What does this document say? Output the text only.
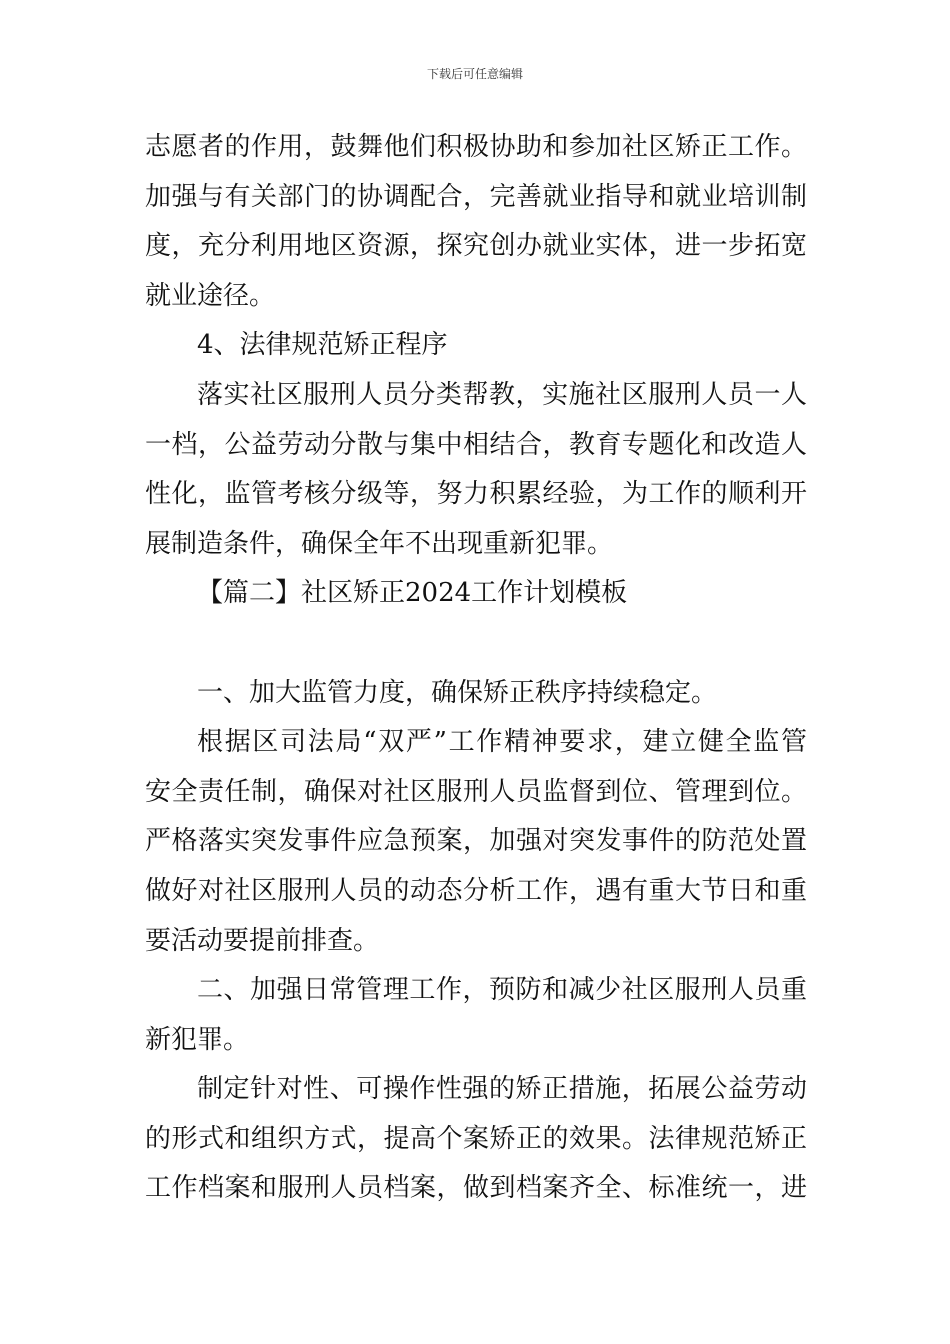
下载后可任意编辑
志愿者的作用，鼓舞他们积极协助和参加社区矫正工作。
加强与有关部门的协调配合，完善就业指导和就业培训制
度，充分利用地区资源，探究创办就业实体，进一步拓宽
就业途径。
4、法律规范矫正程序
落实社区服刑人员分类帮教，实施社区服刑人员一人
一档，公益劳动分散与集中相结合，教育专题化和改造人
性化，监管考核分级等，努力积累经验，为工作的顺利开
展制造条件，确保全年不出现重新犯罪。
【篇二】社区矫正2024工作计划模板
一、加大监管力度，确保矫正秩序持续稳定。
根据区司法局“双严”工作精神要求，建立健全监管
安全责任制，确保对社区服刑人员监督到位、管理到位。
严格落实突发事件应急预案，加强对突发事件的防范处置
做好对社区服刑人员的动态分析工作，遇有重大节日和重
要活动要提前排查。
二、加强日常管理工作，预防和减少社区服刑人员重
新犯罪。
制定针对性、可操作性强的矫正措施，拓展公益劳动
的形式和组织方式，提高个案矫正的效果。法律规范矫正
工作档案和服刑人员档案，做到档案齐全、标准统一，进
